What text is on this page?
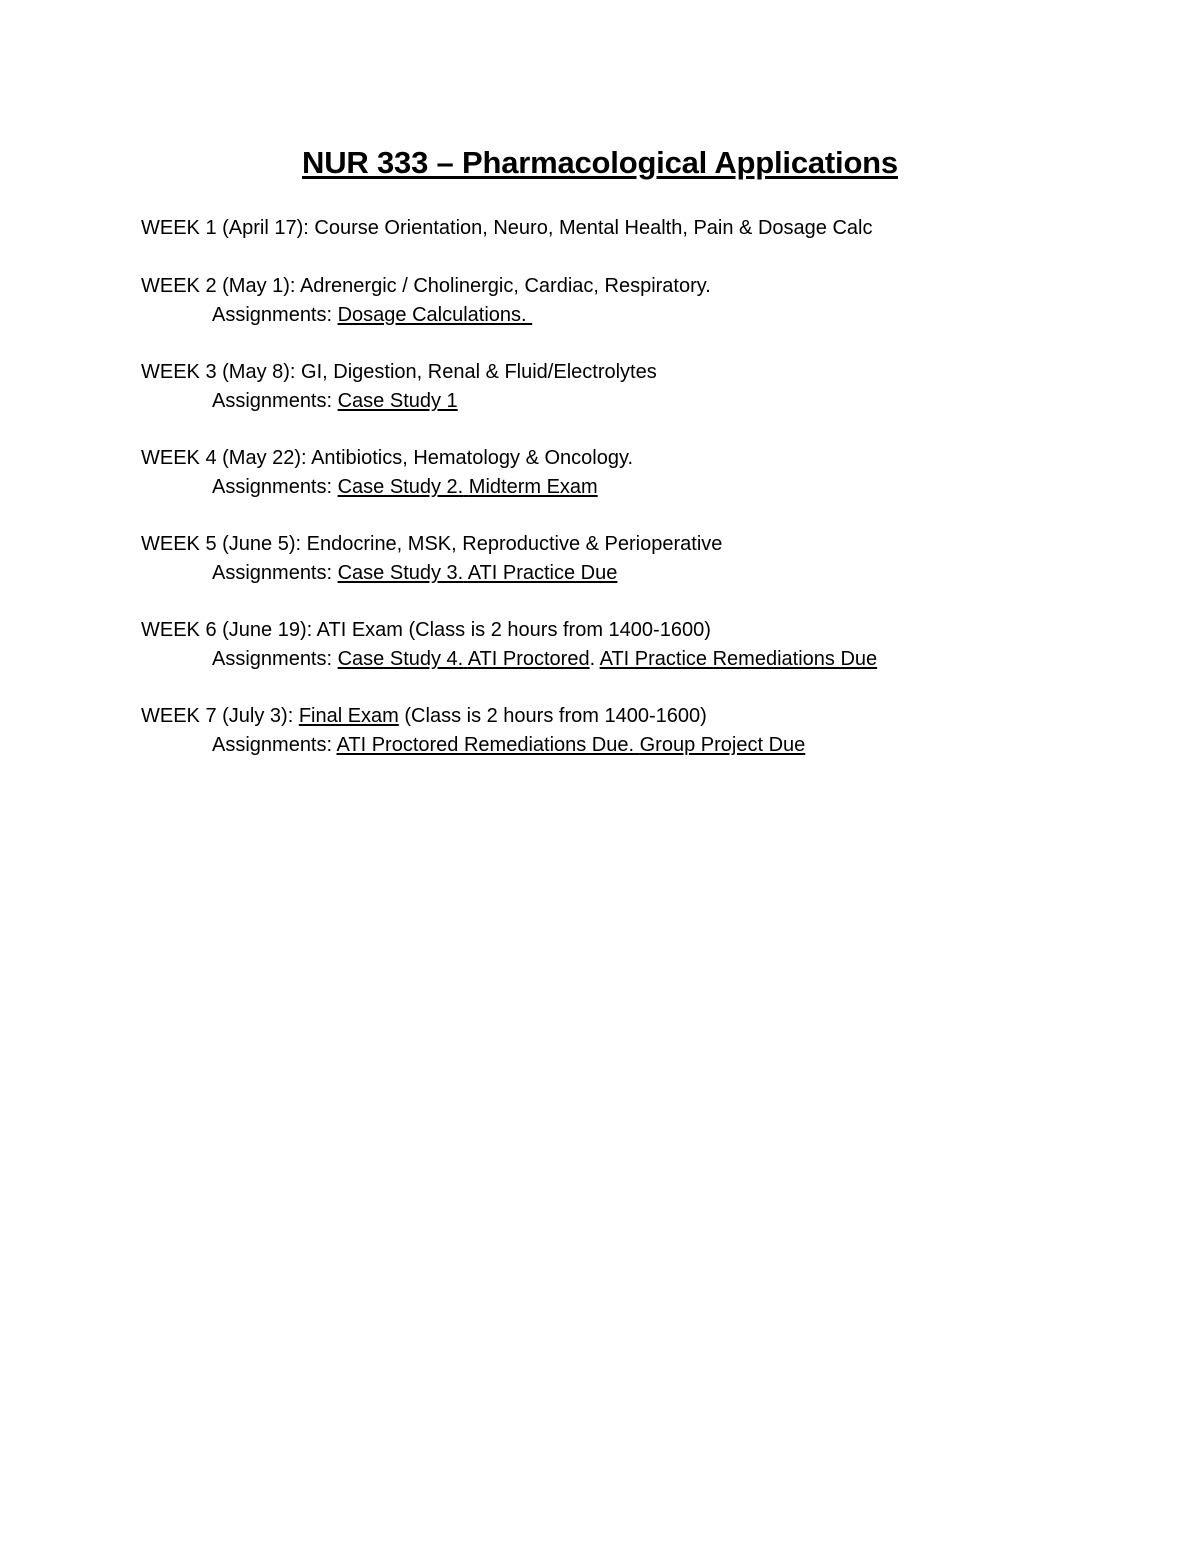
NUR 333 – Pharmacological Applications
WEEK 1 (April 17): Course Orientation, Neuro, Mental Health, Pain & Dosage Calc
WEEK 2 (May 1): Adrenergic / Cholinergic, Cardiac, Respiratory.
Assignments: Dosage Calculations.
WEEK 3 (May 8): GI, Digestion, Renal & Fluid/Electrolytes
Assignments: Case Study 1
WEEK 4 (May 22): Antibiotics, Hematology & Oncology.
Assignments: Case Study 2. Midterm Exam
WEEK 5 (June 5): Endocrine, MSK, Reproductive & Perioperative
Assignments: Case Study 3. ATI Practice Due
WEEK 6 (June 19): ATI Exam (Class is 2 hours from 1400-1600)
Assignments: Case Study 4. ATI Proctored. ATI Practice Remediations Due
WEEK 7 (July 3): Final Exam (Class is 2 hours from 1400-1600)
Assignments: ATI Proctored Remediations Due. Group Project Due
